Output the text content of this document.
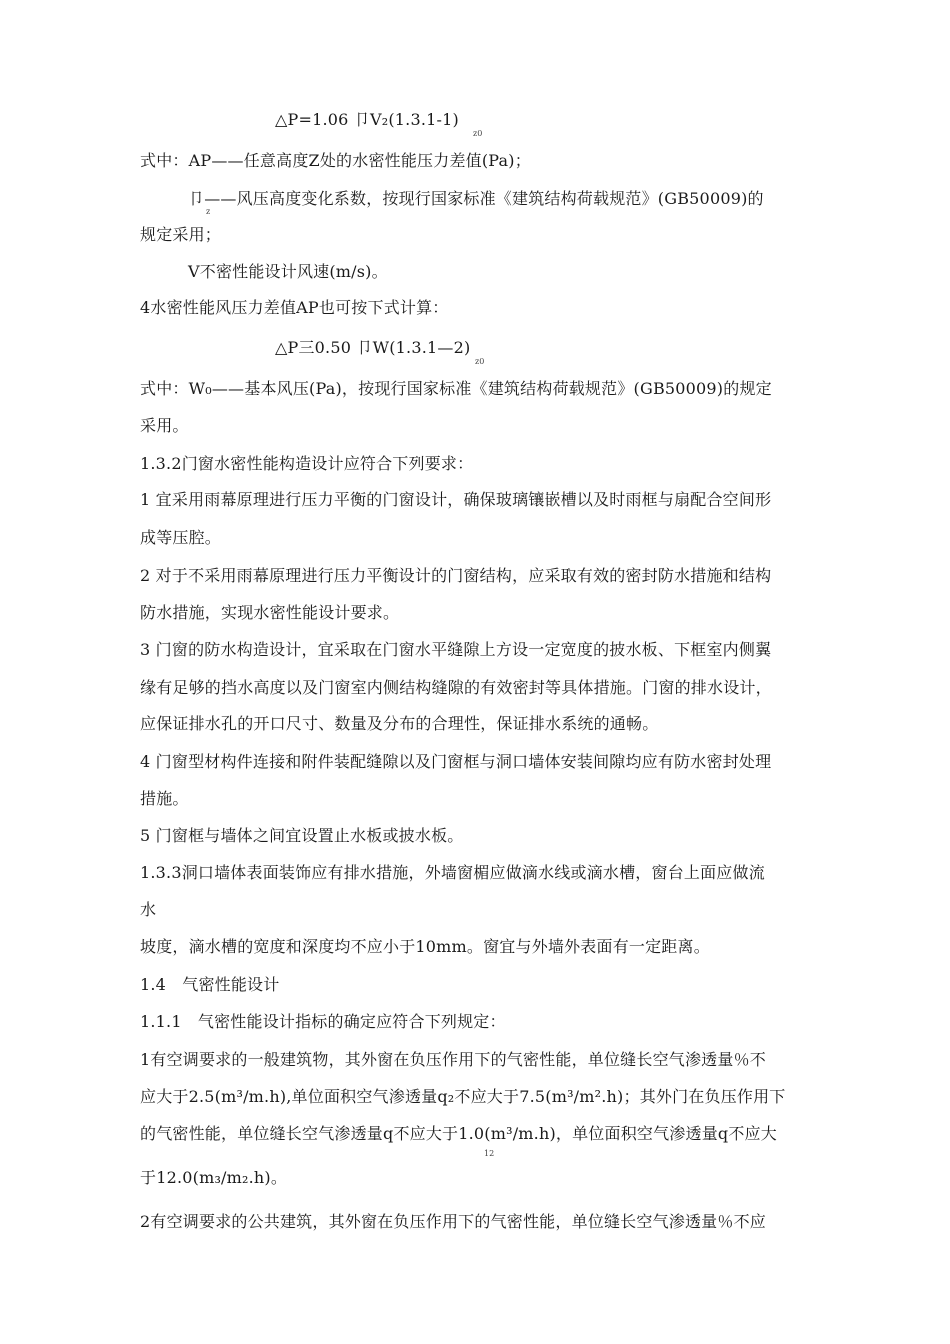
△P=1.06 卩V₂(1.3.1-1)
z0
式中：AP——任意高度Z处的水密性能压力差值(Pa)；
卩——风压高度变化系数，按现行国家标准《建筑结构荷载规范》(GB50009)的
z
规定采用；
V不密性能设计风速(m/s)。
4水密性能风压力差值AP也可按下式计算：
△P三0.50 卩W(1.3.1—2)
z0
式中：W₀——基本风压(Pa)，按现行国家标准《建筑结构荷载规范》(GB50009)的规定
采用。
1.3.2门窗水密性能构造设计应符合下列要求：
1 宜采用雨幕原理进行压力平衡的门窗设计，确保玻璃镶嵌槽以及时雨框与扇配合空间形
成等压腔。
2 对于不采用雨幕原理进行压力平衡设计的门窗结构，应采取有效的密封防水措施和结构
防水措施，实现水密性能设计要求。
3 门窗的防水构造设计，宜采取在门窗水平缝隙上方设一定宽度的披水板、下框室内侧翼
缘有足够的挡水高度以及门窗室内侧结构缝隙的有效密封等具体措施。门窗的排水设计，
应保证排水孔的开口尺寸、数量及分布的合理性，保证排水系统的通畅。
4 门窗型材构件连接和附件装配缝隙以及门窗框与洞口墙体安装间隙均应有防水密封处理
措施。
5 门窗框与墙体之间宜设置止水板或披水板。
1.3.3洞口墙体表面装饰应有排水措施，外墙窗楣应做滴水线或滴水槽，窗台上面应做流
水
坡度，滴水槽的宽度和深度均不应小于10mm。窗宜与外墙外表面有一定距离。
1.4　气密性能设计
1.1.1　气密性能设计指标的确定应符合下列规定：
1有空调要求的一般建筑物，其外窗在负压作用下的气密性能，单位缝长空气渗透量％不
应大于2.5(m³/m.h),单位面积空气渗透量q₂不应大于7.5(m³/m².h)；其外门在负压作用下
的气密性能，单位缝长空气渗透量q不应大于1.0(m³/m.h)，单位面积空气渗透量q不应大
12
于12.0(m₃/m₂.h)。
2有空调要求的公共建筑，其外窗在负压作用下的气密性能，单位缝长空气渗透量％不应
